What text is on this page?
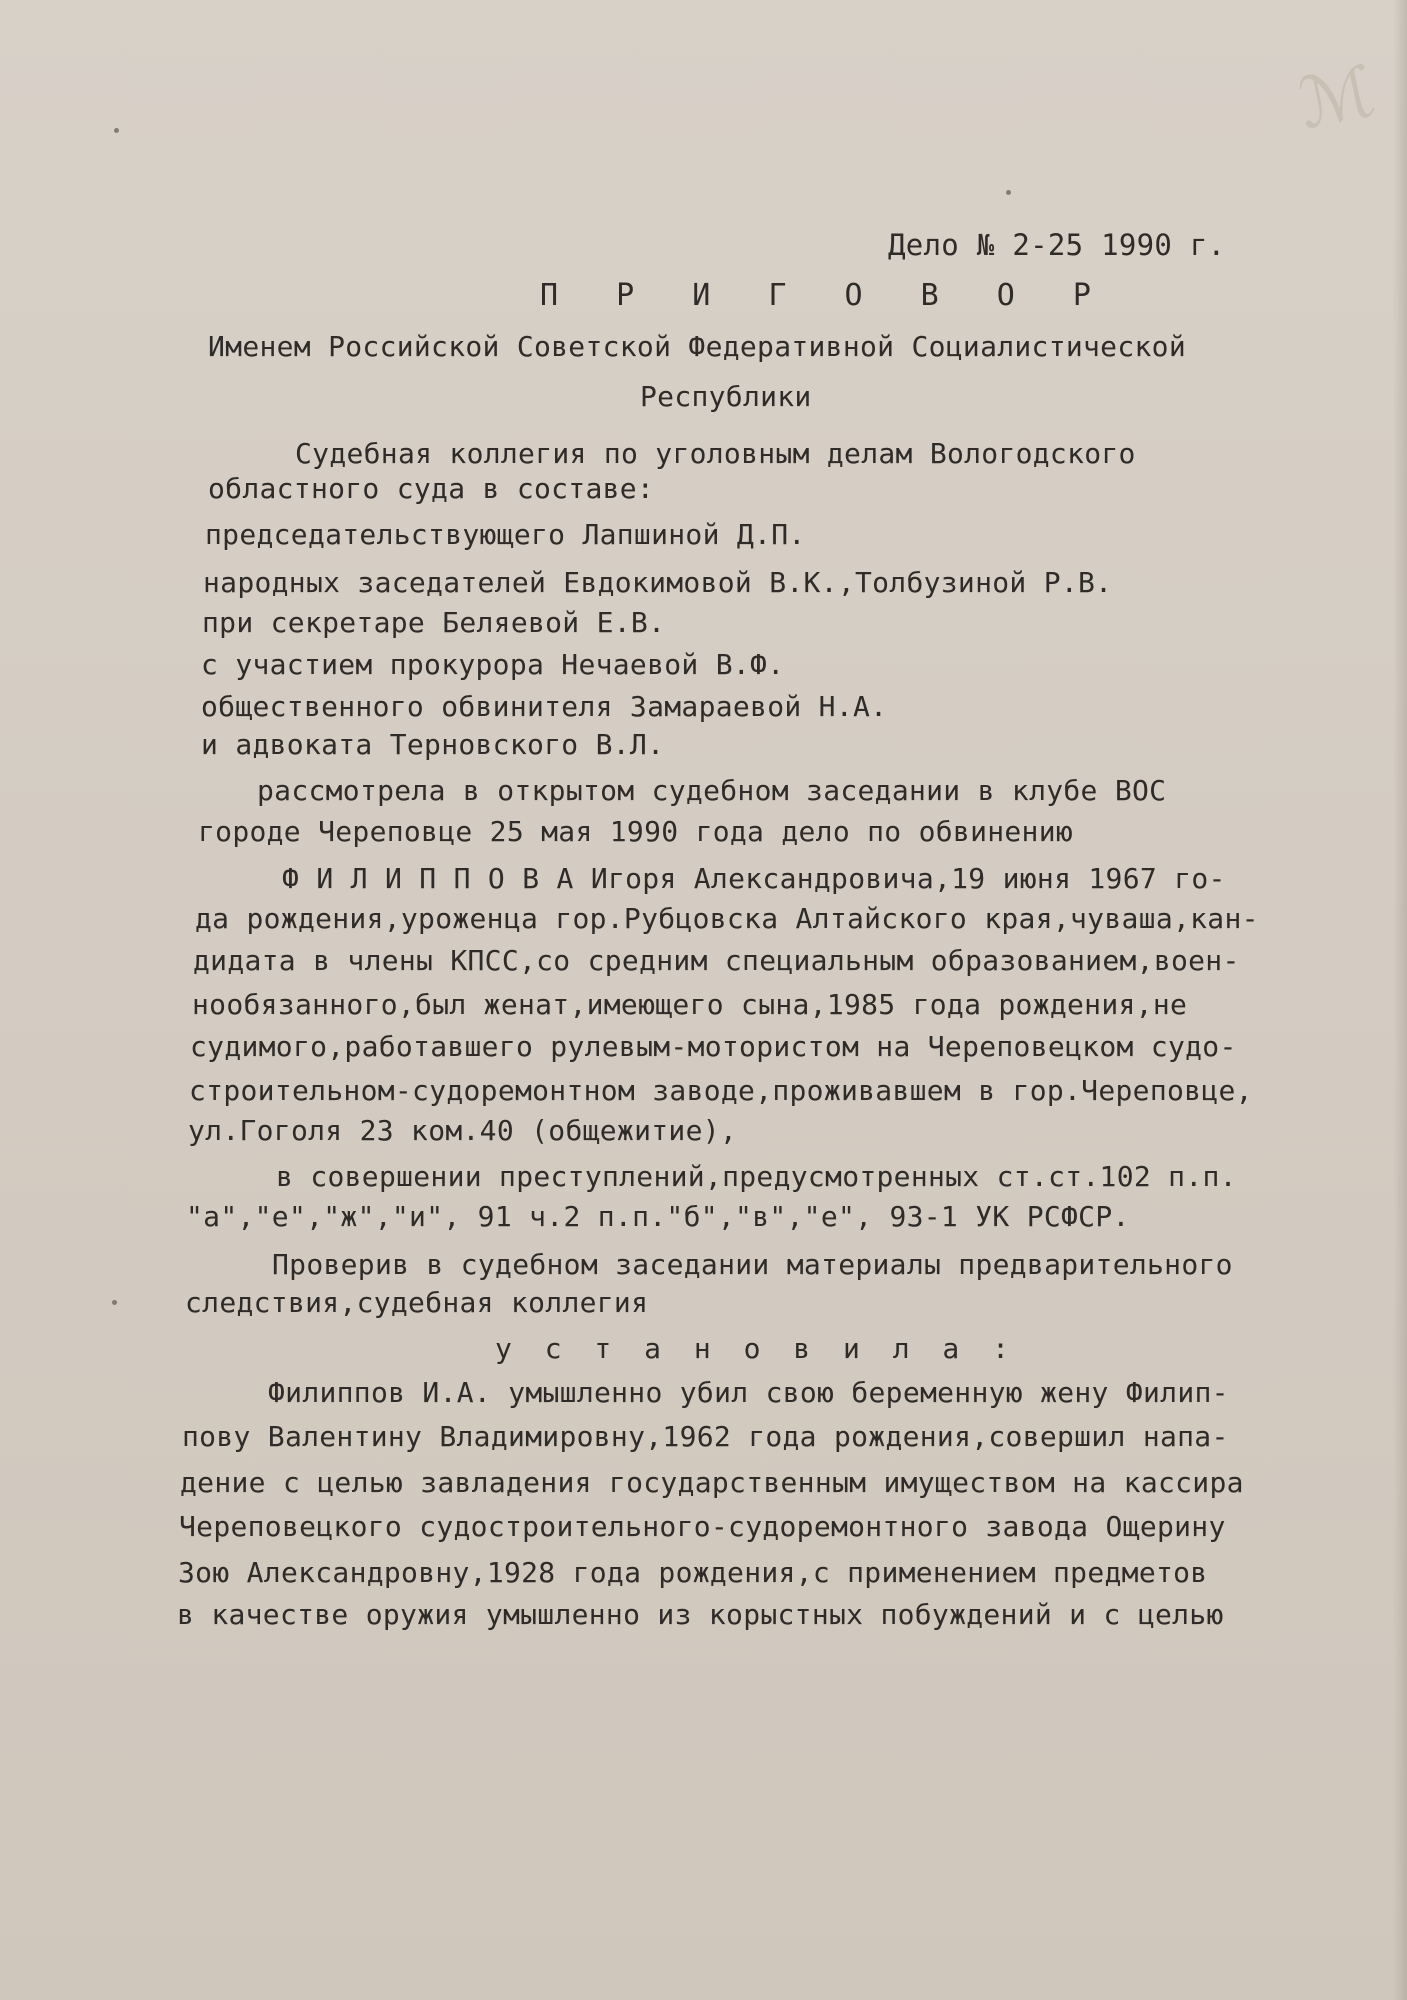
ℳ

Дело № 2-25 1990 г.

П Р И Г О В О Р

Именем Российской Советской Федеративной Социалистической

Республики

Судебная коллегия по уголовным делам Вологодского

областного суда в составе:

председательствующего Лапшиной Д.П.

народных заседателей Евдокимовой В.К.,Толбузиной Р.В.

при секретаре Беляевой Е.В.

с участием прокурора Нечаевой В.Ф.

общественного обвинителя Замараевой Н.А.

и адвоката Терновского В.Л.

рассмотрела в открытом судебном заседании в клубе ВОС

городе Череповце 25 мая 1990 года дело по обвинению

Ф И Л И П П О В А Игоря Александровича,19 июня 1967 го-

да рождения,уроженца гор.Рубцовска Алтайского края,чуваша,кан-

дидата в члены КПСС,со средним специальным образованием,воен-

нообязанного,был женат,имеющего сына,1985 года рождения,не

судимого,работавшего рулевым-мотористом на Череповецком судо-

строительном-судоремонтном заводе,проживавшем в гор.Череповце,

ул.Гоголя 23 ком.40 (общежитие),

в совершении преступлений,предусмотренных ст.ст.102 п.п.

"а","е","ж","и", 91 ч.2 п.п."б","в","е", 93-1 УК РСФСР.

Проверив в судебном заседании материалы предварительного

следствия,судебная коллегия

у с т а н о в и л а :

Филиппов И.А. умышленно убил свою беременную жену Филип-

пову Валентину Владимировну,1962 года рождения,совершил напа-

дение с целью завладения государственным имуществом на кассира

Череповецкого судостроительного-судоремонтного завода Ощерину

Зою Александровну,1928 года рождения,с применением предметов

в качестве оружия умышленно из корыстных побуждений и с целью
